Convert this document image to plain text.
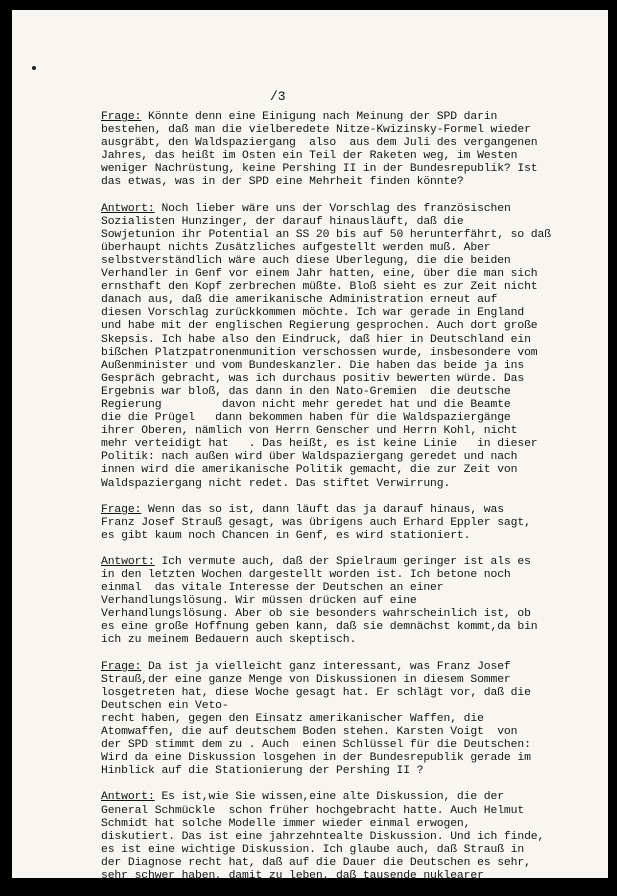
/3
Frage: Könnte denn eine Einigung nach Meinung der SPD darin
bestehen, daß man die vielberedete Nitze-Kwizinsky-Formel wieder
ausgräbt, den Waldspaziergang  also  aus dem Juli des vergangenen
Jahres, das heißt im Osten ein Teil der Raketen weg, im Westen
weniger Nachrüstung, keine Pershing II in der Bundesrepublik? Ist
das etwas, was in der SPD eine Mehrheit finden könnte?
Antwort: Noch lieber wäre uns der Vorschlag des französischen
Sozialisten Hunzinger, der darauf hinausläuft, daß die
Sowjetunion ihr Potential an SS 20 bis auf 50 herunterfährt, so daß
überhaupt nichts Zusätzliches aufgestellt werden muß. Aber
selbstverständlich wäre auch diese Überlegung, die die beiden
Verhandler in Genf vor einem Jahr hatten, eine, über die man sich
ernsthaft den Kopf zerbrechen müßte. Bloß sieht es zur Zeit nicht
danach aus, daß die amerikanische Administration erneut auf
diesen Vorschlag zurückkommen möchte. Ich war gerade in England
und habe mit der englischen Regierung gesprochen. Auch dort große
Skepsis. Ich habe also den Eindruck, daß hier in Deutschland ein
bißchen Platzpatronenmunition verschossen wurde, insbesondere vom
Außenminister und vom Bundeskanzler. Die haben das beide ja ins
Gespräch gebracht, was ich durchaus positiv bewerten würde. Das
Ergebnis war bloß, das dann in den Nato-Gremien  die deutsche
Regierung         davon nicht mehr geredet hat und die Beamte
die die Prügel   dann bekommen haben für die Waldspaziergänge
ihrer Oberen, nämlich von Herrn Genscher und Herrn Kohl, nicht
mehr verteidigt hat   . Das heißt, es ist keine Linie   in dieser
Politik: nach außen wird über Waldspaziergang geredet und nach
innen wird die amerikanische Politik gemacht, die zur Zeit von
Waldspaziergang nicht redet. Das stiftet Verwirrung.
Frage: Wenn das so ist, dann läuft das ja darauf hinaus, was
Franz Josef Strauß gesagt, was übrigens auch Erhard Eppler sagt,
es gibt kaum noch Chancen in Genf, es wird stationiert.
Antwort: Ich vermute auch, daß der Spielraum geringer ist als es
in den letzten Wochen dargestellt worden ist. Ich betone noch
einmal  das vitale Interesse der Deutschen an einer
Verhandlungslösung. Wir müssen drücken auf eine
Verhandlungslösung. Aber ob sie besonders wahrscheinlich ist, ob
es eine große Hoffnung geben kann, daß sie demnächst kommt,da bin
ich zu meinem Bedauern auch skeptisch.
Frage: Da ist ja vielleicht ganz interessant, was Franz Josef
Strauß,der eine ganze Menge von Diskussionen in diesem Sommer
losgetreten hat, diese Woche gesagt hat. Er schlägt vor, daß die
Deutschen ein Veto-
recht haben, gegen den Einsatz amerikanischer Waffen, die
Atomwaffen, die auf deutschem Boden stehen. Karsten Voigt  von
der SPD stimmt dem zu . Auch  einen Schlüssel für die Deutschen:
Wird da eine Diskussion losgehen in der Bundesrepublik gerade im
Hinblick auf die Stationierung der Pershing II ?
Antwort: Es ist,wie Sie wissen,eine alte Diskussion, die der
General Schmückle  schon früher hochgebracht hatte. Auch Helmut
Schmidt hat solche Modelle immer wieder einmal erwogen,
diskutiert. Das ist eine jahrzehntealte Diskussion. Und ich finde,
es ist eine wichtige Diskussion. Ich glaube auch, daß Strauß in
der Diagnose recht hat, daß auf die Dauer die Deutschen es sehr,
sehr schwer haben, damit zu leben, daß tausende nuklearer
